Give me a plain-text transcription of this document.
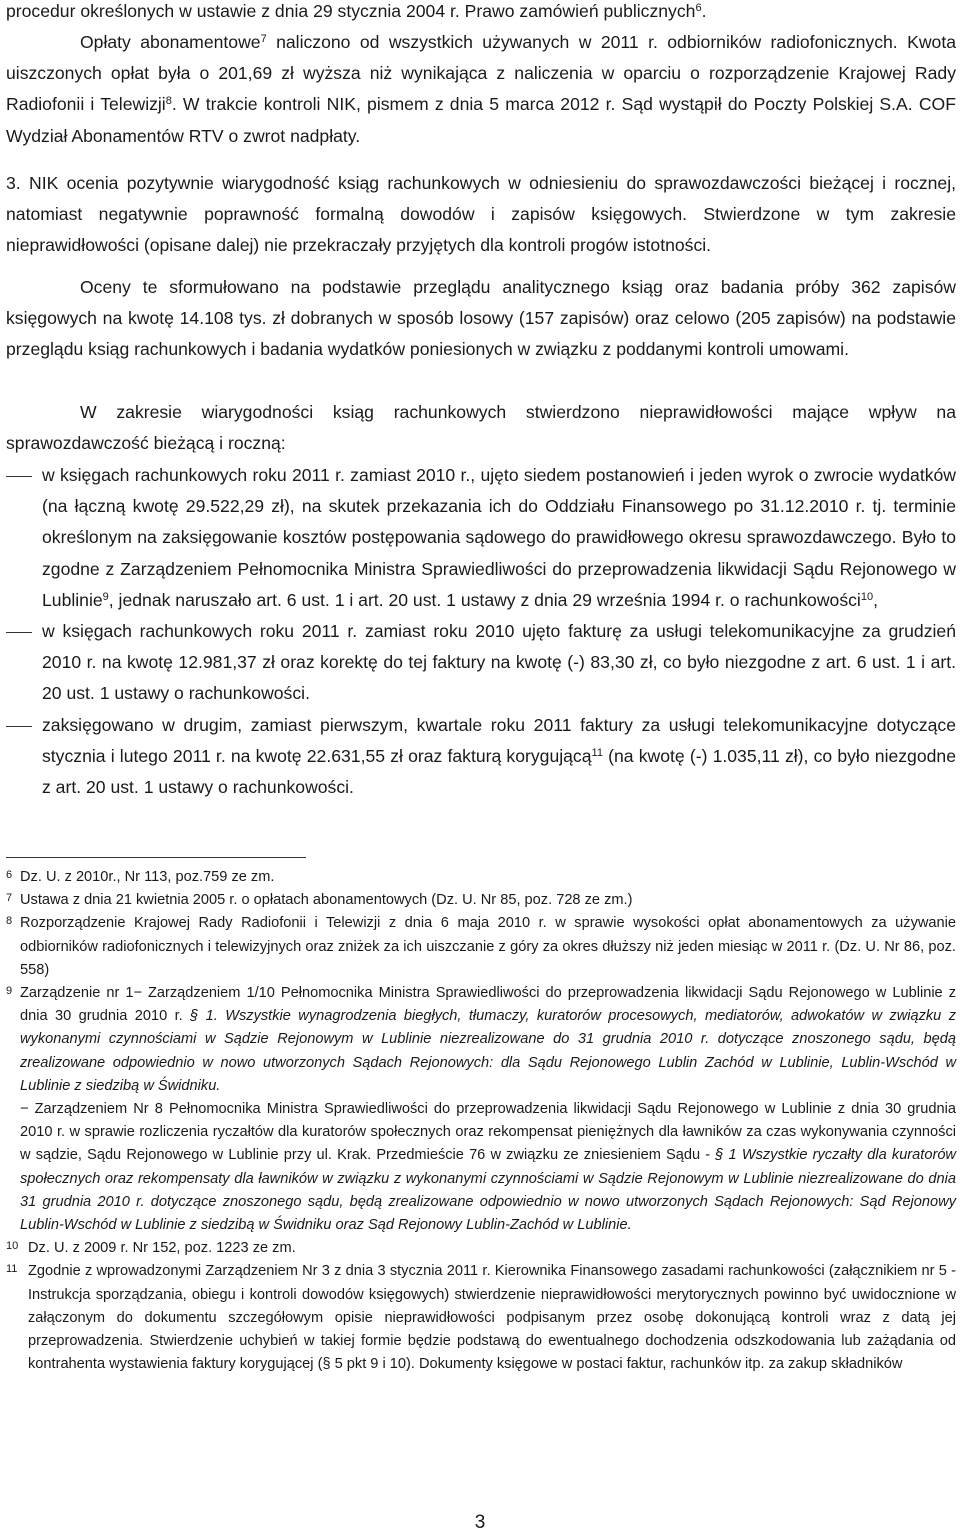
procedur określonych w ustawie z dnia 29 stycznia 2004 r. Prawo zamówień publicznych$^6$.
Opłaty abonamentowe$^7$ naliczono od wszystkich używanych w 2011 r. odbiorników radiofonicznych. Kwota uiszczonych opłat była o 201,69 zł wyższa niż wynikająca z naliczenia w oparciu o rozporządzenie Krajowej Rady Radiofonii i Telewizji$^8$. W trakcie kontroli NIK, pismem z dnia 5 marca 2012 r. Sąd wystąpił do Poczty Polskiej S.A. COF Wydział Abonamentów RTV o zwrot nadpłaty.
3. NIK ocenia pozytywnie wiarygodność ksiąg rachunkowych w odniesieniu do sprawozdawczości bieżącej i rocznej, natomiast negatywnie poprawność formalną dowodów i zapisów księgowych. Stwierdzone w tym zakresie nieprawidłowości (opisane dalej) nie przekraczały przyjętych dla kontroli progów istotności.
Oceny te sformułowano na podstawie przeglądu analitycznego ksiąg oraz badania próby 362 zapisów księgowych na kwotę 14.108 tys. zł dobranych w sposób losowy (157 zapisów) oraz celowo (205 zapisów) na podstawie przeglądu ksiąg rachunkowych i badania wydatków poniesionych w związku z poddanymi kontroli umowami.
W zakresie wiarygodności ksiąg rachunkowych stwierdzono nieprawidłowości mające wpływ na sprawozdawczość bieżącą i roczną:
w księgach rachunkowych roku 2011 r. zamiast 2010 r., ujęto siedem postanowień i jeden wyrok o zwrocie wydatków (na łączną kwotę 29.522,29 zł), na skutek przekazania ich do Oddziału Finansowego po 31.12.2010 r. tj. terminie określonym na zaksięgowanie kosztów postępowania sądowego do prawidłowego okresu sprawozdawczego. Było to zgodne z Zarządzeniem Pełnomocnika Ministra Sprawiedliwości do przeprowadzenia likwidacji Sądu Rejonowego w Lublinie$^9$, jednak naruszało art. 6 ust. 1 i art. 20 ust. 1 ustawy z dnia 29 września 1994 r. o rachunkowości$^{10}$,
w księgach rachunkowych roku 2011 r. zamiast roku 2010 ujęto fakturę za usługi telekomunikacyjne za grudzień 2010 r. na kwotę 12.981,37 zł oraz korektę do tej faktury na kwotę (-) 83,30 zł, co było niezgodne z art. 6 ust. 1 i art. 20 ust. 1 ustawy o rachunkowości.
zaksięgowano w drugim, zamiast pierwszym, kwartale roku 2011 faktury za usługi telekomunikacyjne dotyczące stycznia i lutego 2011 r. na kwotę 22.631,55 zł oraz fakturą korygującą$^{11}$ (na kwotę (-) 1.035,11 zł), co było niezgodne z art. 20 ust. 1 ustawy o rachunkowości.
6 Dz. U. z 2010r., Nr 113, poz.759 ze zm.
7 Ustawa z dnia 21 kwietnia 2005 r. o opłatach abonamentowych (Dz. U. Nr 85, poz. 728 ze zm.)
8 Rozporządzenie Krajowej Rady Radiofonii i Telewizji z dnia 6 maja 2010 r. w sprawie wysokości opłat abonamentowych za używanie odbiorników radiofonicznych i telewizyjnych oraz zniżek za ich uiszczanie z góry za okres dłuższy niż jeden miesiąc w 2011 r. (Dz. U. Nr 86, poz. 558)
9 Zarządzenie nr 1− Zarządzeniem 1/10 Pełnomocnika Ministra Sprawiedliwości do przeprowadzenia likwidacji Sądu Rejonowego w Lublinie z dnia 30 grudnia 2010 r. § 1. Wszystkie wynagrodzenia biegłych, tłumaczy, kuratorów procesowych, mediatorów, adwokatów w związku z wykonanymi czynnościami w Sądzie Rejonowym w Lublinie niezrealizowane do 31 grudnia 2010 r. dotyczące znoszonego sądu, będą zrealizowane odpowiednio w nowo utworzonych Sądach Rejonowych: dla Sądu Rejonowego Lublin Zachód w Lublinie, Lublin-Wschód w Lublinie z siedzibą w Świdniku.
− Zarządzeniem Nr 8 Pełnomocnika Ministra Sprawiedliwości do przeprowadzenia likwidacji Sądu Rejonowego w Lublinie z dnia 30 grudnia 2010 r. w sprawie rozliczenia ryczałtów dla kuratorów społecznych oraz rekompensat pieniężnych dla ławników za czas wykonywania czynności w sądzie, Sądu Rejonowego w Lublinie przy ul. Krak. Przedmieście 76 w związku ze zniesieniem Sądu - § 1 Wszystkie ryczałty dla kuratorów społecznych oraz rekompensaty dla ławników w związku z wykonanymi czynnościami w Sądzie Rejonowym w Lublinie niezrealizowane do dnia 31 grudnia 2010 r. dotyczące znoszonego sądu, będą zrealizowane odpowiednio w nowo utworzonych Sądach Rejonowych: Sąd Rejonowy Lublin-Wschód w Lublinie z siedzibą w Świdniku oraz Sąd Rejonowy Lublin-Zachód w Lublinie.
10 Dz. U. z 2009 r. Nr 152, poz. 1223 ze zm.
11 Zgodnie z wprowadzonymi Zarządzeniem Nr 3 z dnia 3 stycznia 2011 r. Kierownika Finansowego zasadami rachunkowości (załącznikiem nr 5 - Instrukcja sporządzania, obiegu i kontroli dowodów księgowych) stwierdzenie nieprawidłowości merytorycznych powinno być uwidocznione w załączonym do dokumentu szczegółowym opisie nieprawidłowości podpisanym przez osobę dokonującą kontroli wraz z datą jej przeprowadzenia. Stwierdzenie uchybień w takiej formie będzie podstawą do ewentualnego dochodzenia odszkodowania lub zażądania od kontrahenta wystawienia faktury korygującej (§ 5 pkt 9 i 10). Dokumenty księgowe w postaci faktur, rachunków itp. za zakup składników
3
